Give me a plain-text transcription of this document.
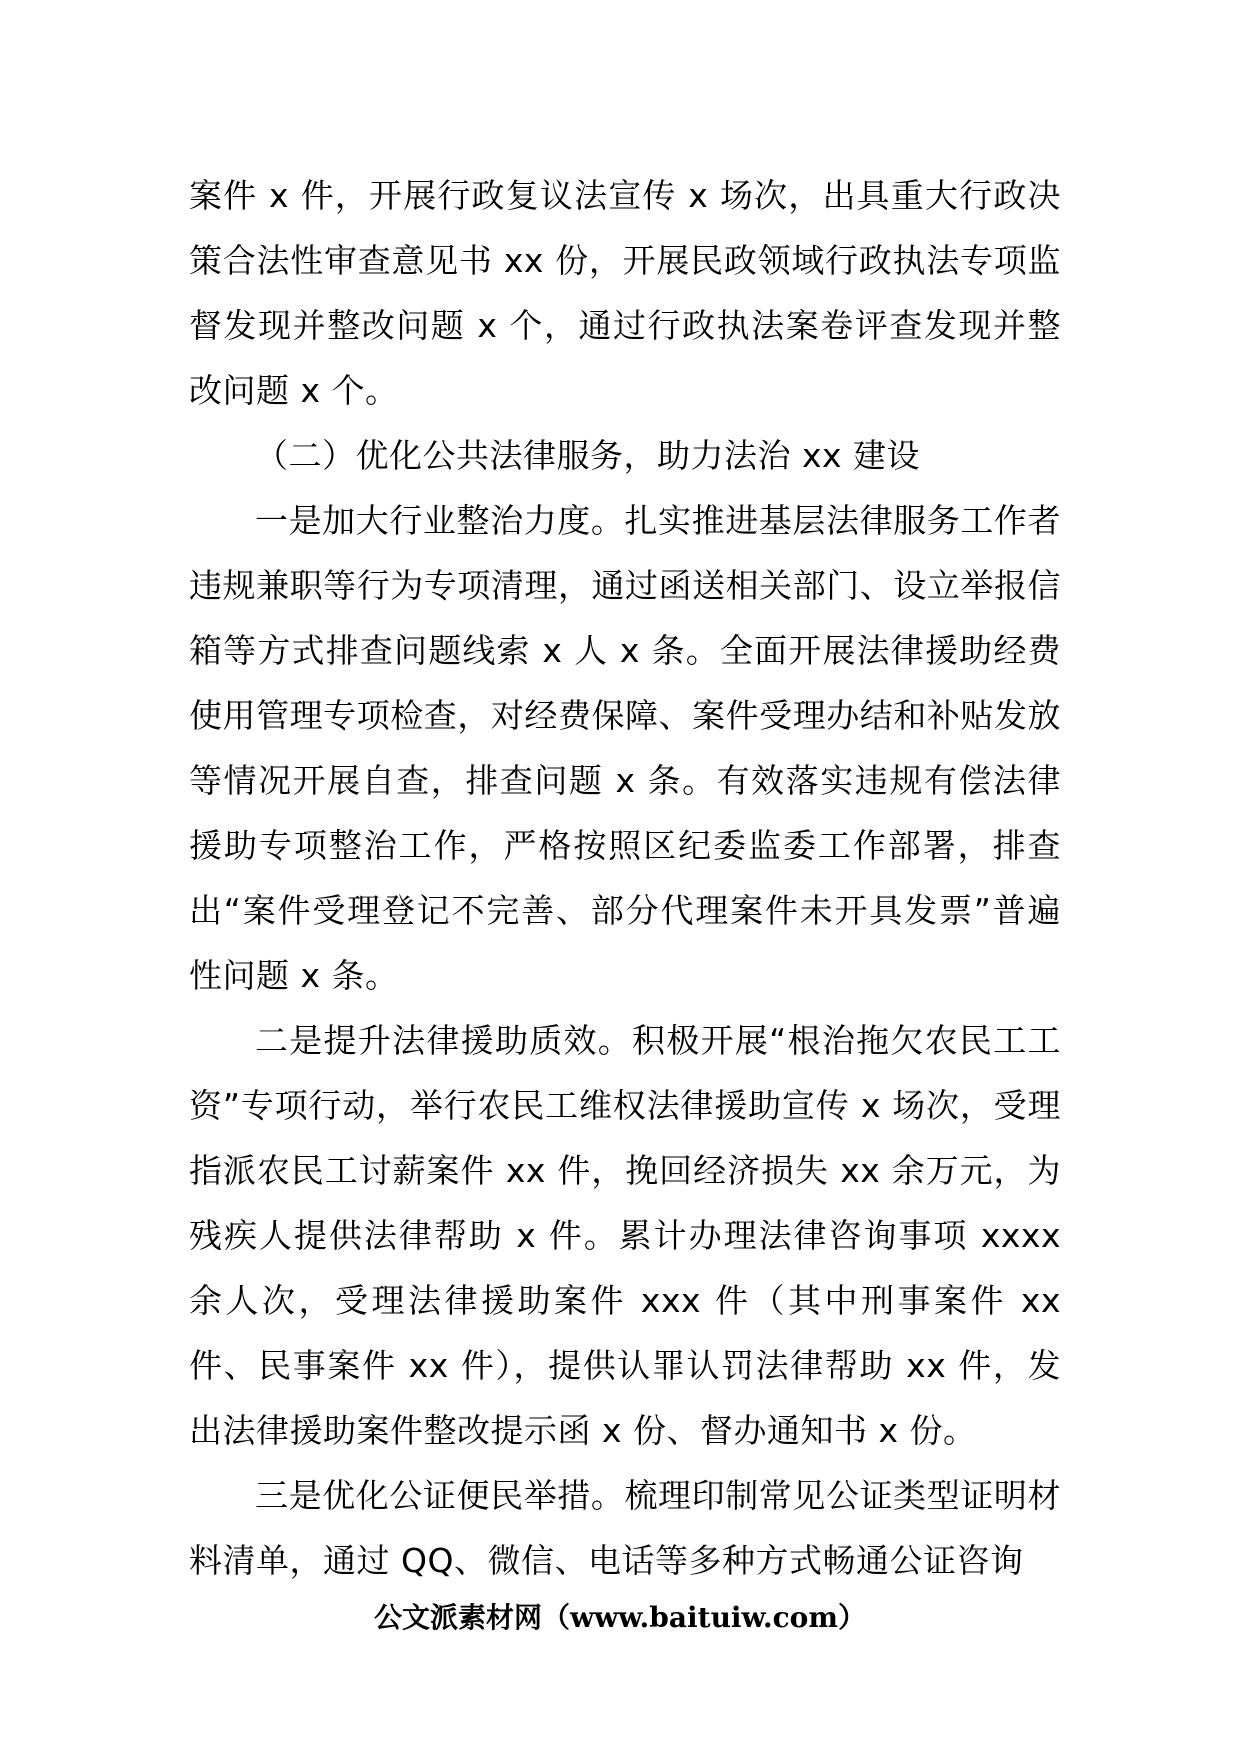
案件 x 件，开展行政复议法宣传 x 场次，出具重大行政决策合法性审查意见书 xx 份，开展民政领域行政执法专项监督发现并整改问题 x 个，通过行政执法案卷评查发现并整改问题 x 个。

（二）优化公共法律服务，助力法治 xx 建设

一是加大行业整治力度。扎实推进基层法律服务工作者违规兼职等行为专项清理，通过函送相关部门、设立举报信箱等方式排查问题线索 x 人 x 条。全面开展法律援助经费使用管理专项检查，对经费保障、案件受理办结和补贴发放等情况开展自查，排查问题 x 条。有效落实违规有偿法律援助专项整治工作，严格按照区纪委监委工作部署，排查出“案件受理登记不完善、部分代理案件未开具发票”普遍性问题 x 条。

二是提升法律援助质效。积极开展“根治拖欠农民工工资”专项行动，举行农民工维权法律援助宣传 x 场次，受理指派农民工讨薪案件 xx 件，挽回经济损失 xx 余万元，为残疾人提供法律帮助 x 件。累计办理法律咨询事项 xxxx 余人次，受理法律援助案件 xxx 件（其中刑事案件 xx 件、民事案件 xx 件），提供认罪认罚法律帮助 xx 件，发出法律援助案件整改提示函 x 份、督办通知书 x 份。

三是优化公证便民举措。梳理印制常见公证类型证明材料清单，通过 QQ、微信、电话等多种方式畅通公证咨询

公文派素材网（www.baituiw.com）
